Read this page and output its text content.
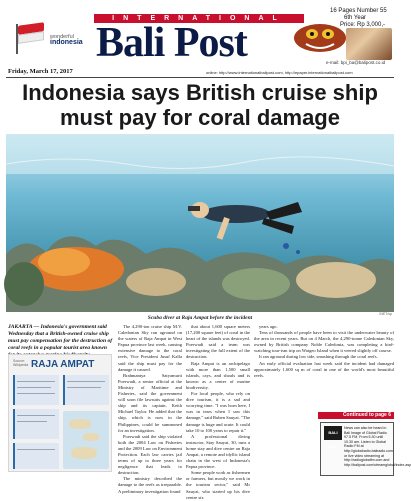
wonderful
indonesia
INTERNATIONAL
Bali Post
16 Pages Number 55
6th Year
Price: Rp 3,000,-
e-mail: bpi_ba@balipost.co.id
Friday, March 17, 2017	online: http://www.internationalbalipost.com, http://epaper.internationalbalipost.com
Indonesia says British cruise ship must pay for coral damage
INET/sp
Scuba diver at Raja Ampat before the incident

JAKARTA — Indonesia's government said Wednesday that a British-owned cruise ship must pay compensation for the destruction of coral reefs in a popular tourist area known

Source: Wikipedia RAJA AMPAT

The 4,290-ton cruise ship M.V. Caledonian Sky ran aground on the waters of Raja Ampat in West Papua province last week, causing extensive damage to the coral reefs, Vice President Jusuf Kalla said the ship must pay for the damage it caused.

Brahmantya Satyamurti Poerwadi, a senior official at the Ministry of Maritime and Fisheries, said the government will soon file lawsuits against the ship and its captain, Keith Michael Taylor. He added that the ship, which is now in the Philippines, could be summoned for an investigation.

Poerwadi said the ship violated both the 2004 Law on Fisheries and the 2009 Law on Environment Protection. Each law carries jail terms of up to three years for negligence that leads to destruction.

The ministry described the damage to the reefs as irreparable. A preliminary investigation found

that about 1,600 square meters (17,200 square feet) of coral in the heart of the islands was destroyed. Poerwadi said a team was investigating the full extent of the destruction.

Raja Ampat is an archipelago with more than 1,500 small islands, cays, and shoals and is known as a center of marine biodiversity.

For local people, who rely on dive tourism, it is a sad and worrying time. "I was born here, I was in tears when I saw this damage," said Ruben Sauyai. "The damage is huge and acute. It could take 10 to 100 years to repair it."

A professional diving instructor, Stay Sauyai, 30, runs a home stay and dive centre on Raja Ampat, a remote and idyllic island chain in the west of Indonesia's Papua province.

Some people work as fishermen or farmers, but mostly we work in the tourism sector," said Mr Sauyai, who started up his dive centre six

years ago.

Tens of thousands of people have been to visit the underwater beauty of the area in recent years. But on 4 March, the 4,290-tonne Caledonian Sky, owned by British company Noble Caledonia, was completing a bird-watching tour-ism trip on Waigeo Island when it veered slightly off course.

It ran aground during low tide, smashing through the coral reefs.

An early official evaluation last week said the incident had damaged approximately 1,600 sq m of coral in one of the world's most beautiful reefs.

Continued to page 6
BALI POST
News can also be heard in Bali Image of Global Radio 97.5 FM. From 5.30 until 10.30 am. Listen to Global Radio FM at http://globalradio.baliradio.com or live video streaming at http://radioglobalfm.com and http://balipost.com/streamglobal/index.asp
